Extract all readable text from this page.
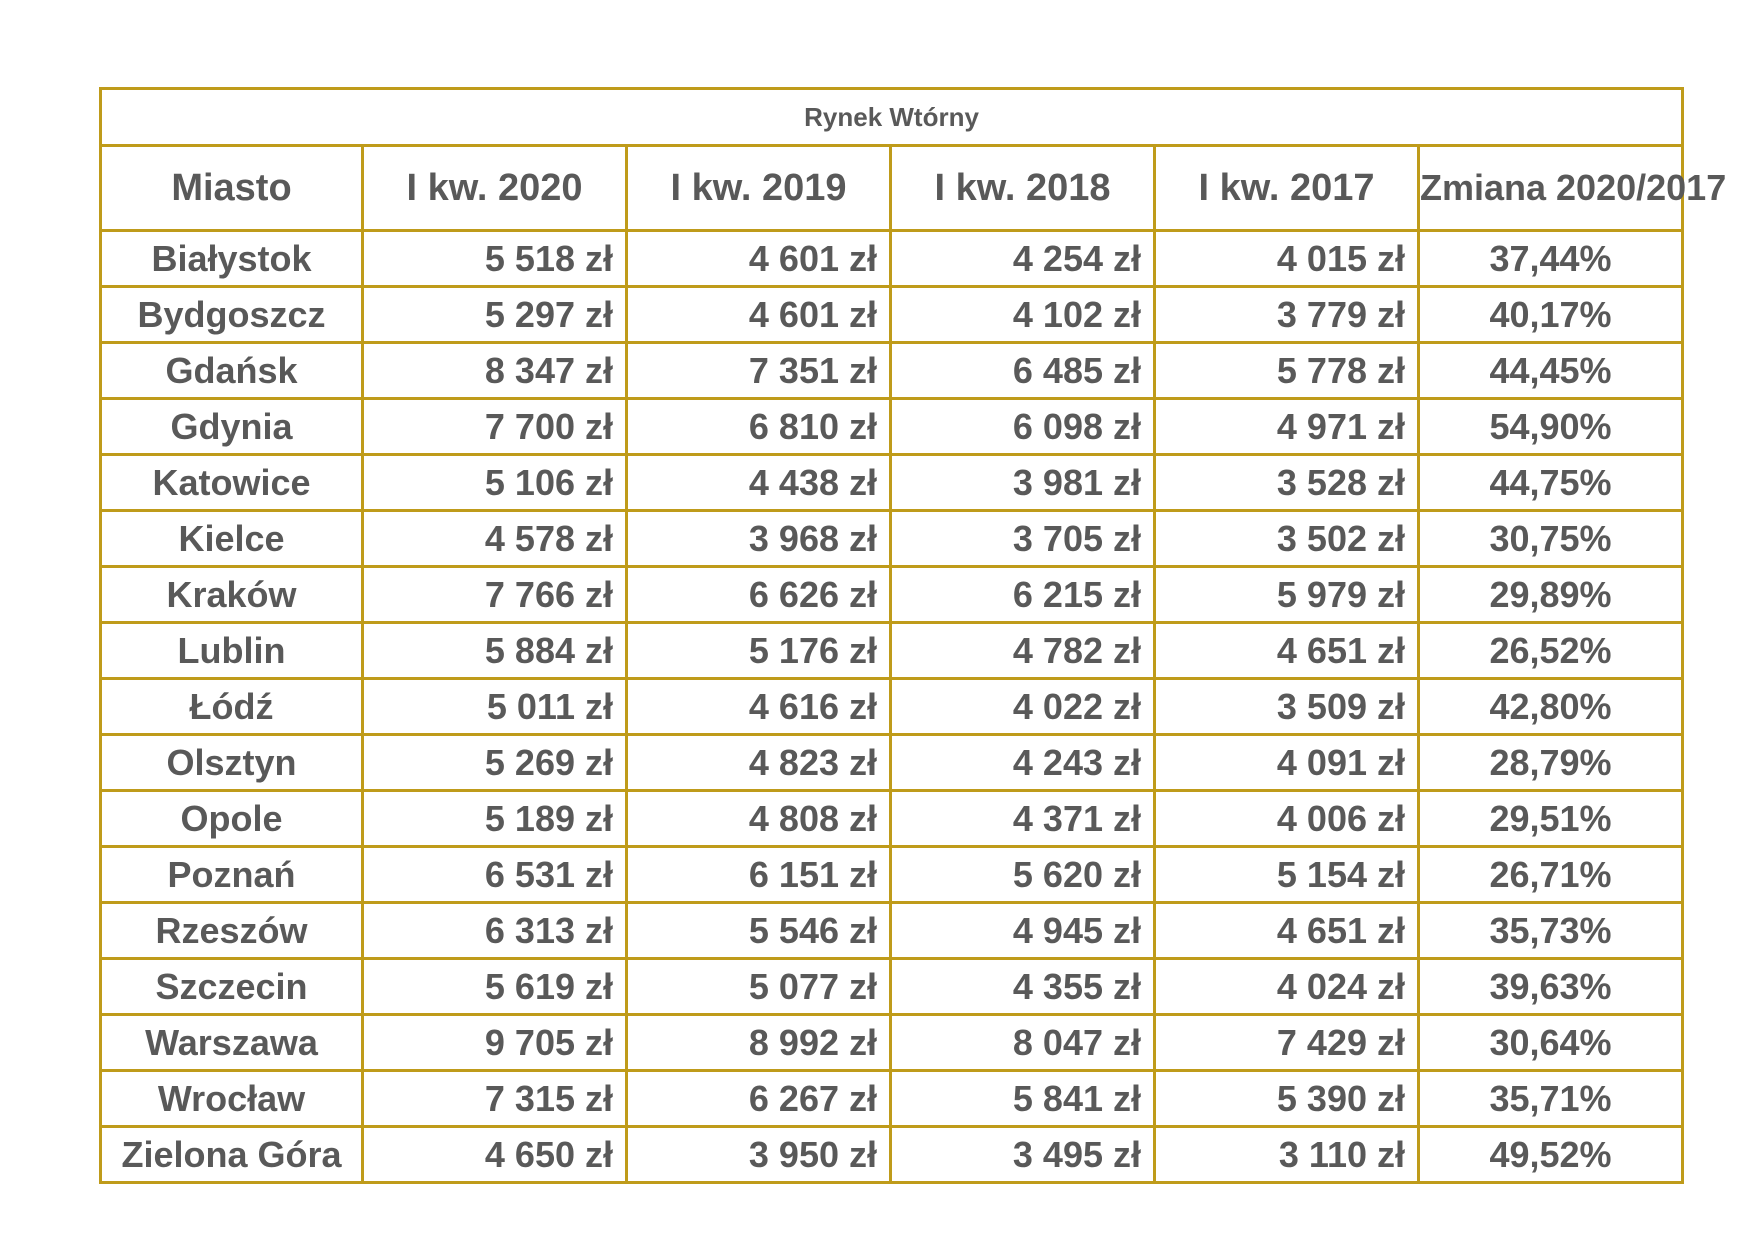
Rynek Wtórny					
Miasto	I kw. 2020	I kw. 2019	I kw. 2018	I kw. 2017	Zmiana 2020/2017
Białystok	5 518 zł	4 601 zł	4 254 zł	4 015 zł	37,44%
Bydgoszcz	5 297 zł	4 601 zł	4 102 zł	3 779 zł	40,17%
Gdańsk	8 347 zł	7 351 zł	6 485 zł	5 778 zł	44,45%
Gdynia	7 700 zł	6 810 zł	6 098 zł	4 971 zł	54,90%
Katowice	5 106 zł	4 438 zł	3 981 zł	3 528 zł	44,75%
Kielce	4 578 zł	3 968 zł	3 705 zł	3 502 zł	30,75%
Kraków	7 766 zł	6 626 zł	6 215 zł	5 979 zł	29,89%
Lublin	5 884 zł	5 176 zł	4 782 zł	4 651 zł	26,52%
Łódź	5 011 zł	4 616 zł	4 022 zł	3 509 zł	42,80%
Olsztyn	5 269 zł	4 823 zł	4 243 zł	4 091 zł	28,79%
Opole	5 189 zł	4 808 zł	4 371 zł	4 006 zł	29,51%
Poznań	6 531 zł	6 151 zł	5 620 zł	5 154 zł	26,71%
Rzeszów	6 313 zł	5 546 zł	4 945 zł	4 651 zł	35,73%
Szczecin	5 619 zł	5 077 zł	4 355 zł	4 024 zł	39,63%
Warszawa	9 705 zł	8 992 zł	8 047 zł	7 429 zł	30,64%
Wrocław	7 315 zł	6 267 zł	5 841 zł	5 390 zł	35,71%
Zielona Góra	4 650 zł	3 950 zł	3 495 zł	3 110 zł	49,52%
